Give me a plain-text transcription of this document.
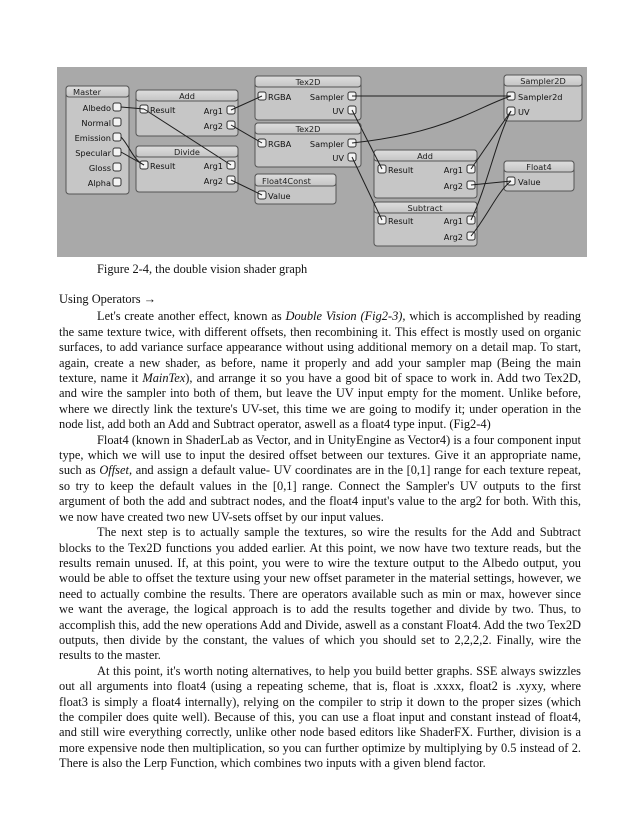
Master
Albedo
Normal
Emission
Specular
Gloss
Alpha
Add
Result	Arg1
Arg2
Divide
Result	Arg1
Arg2
Tex2D
RGBA Sampler
UV
Tex2D
RGBA Sampler
UV
Float4Const
Value
Add
Result	Arg1
Arg2
Subtract
Result	Arg1
Arg2
Sampler2D
Sampler2d
UV
Float4
Value
Figure 2-4, the double vision shader graph
Using Operators →

Let's create another effect, known as Double Vision (Fig2-3), which is accomplished by reading the same texture twice, with different offsets, then recombining it. This effect is mostly used on organic surfaces, to add variance surface appearance without using additional memory on a detail map. To start, again, create a new shader, as before, name it properly and add your sampler map (Being the main texture, name it MainTex), and arrange it so you have a good bit of space to work in. Add two Tex2D, and wire the sampler into both of them, but leave the UV input empty for the moment. Unlike before, where we directly link the texture's UV-set, this time we are going to modify it; under operation in the node list, add both an Add and Subtract operator, aswell as a float4 type input. (Fig2-4)

Float4 (known in ShaderLab as Vector, and in UnityEngine as Vector4) is a four component input type, which we will use to input the desired offset between our textures. Give it an appropriate name, such as Offset, and assign a default value- UV coordinates are in the [0,1] range for each texture repeat, so try to keep the default values in the [0,1] range. Connect the Sampler's UV outputs to the first argument of both the add and subtract nodes, and the float4 input's value to the arg2 for both. With this, we now have created two new UV-sets offset by our input values.

The next step is to actually sample the textures, so wire the results for the Add and Subtract blocks to the Tex2D functions you added earlier. At this point, we now have two texture reads, but the results remain unused. If, at this point, you were to wire the texture output to the Albedo output, you would be able to offset the texture using your new offset parameter in the material settings, however, we need to actually combine the results. There are operators available such as min or max, however since we want the average, the logical approach is to add the results together and divide by two. Thus, to accomplish this, add the new operations Add and Divide, aswell as a constant Float4. Add the two Tex2D outputs, then divide by the constant, the values of which you should set to 2,2,2,2. Finally, wire the results to the master.

At this point, it's worth noting alternatives, to help you build better graphs. SSE always swizzles out all arguments into float4 (using a repeating scheme, that is, float is .xxxx, float2 is .xyxy, where float3 is simply a float4 internally), relying on the compiler to strip it down to the proper sizes (which the compiler does quite well). Because of this, you can use a float input and constant instead of float4, and still wire everything correctly, unlike other node based editors like ShaderFX. Further, division is a more expensive node then multiplication, so you can further optimize by multiplying by 0.5 instead of 2. There is also the Lerp Function, which combines two inputs with a given blend factor.
